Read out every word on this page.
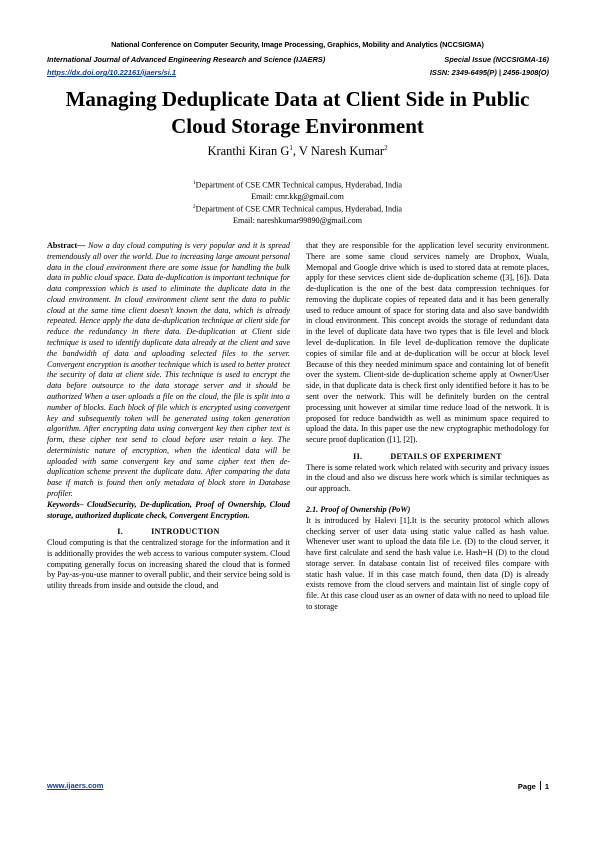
National Conference on Computer Security, Image Processing, Graphics, Mobility and Analytics (NCCSIGMA)
International Journal of Advanced Engineering Research and Science (IJAERS)	Special Issue (NCCSIGMA-16)
https://dx.doi.org/10.22161/ijaers/si.1	ISSN: 2349-6495(P) | 2456-1908(O)
Managing Deduplicate Data at Client Side in Public Cloud Storage Environment
Kranthi Kiran $G^1$, V Naresh Kumar$^2$
$^1$Department of CSE CMR Technical campus, Hyderabad, India
Email: cmr.kkg@gmail.com
$^2$Department of CSE CMR Technical campus, Hyderabad, India
Email: nareshkumar99890@gmail.com

Abstract— Now a day cloud computing is very popular and it is spread tremendously all over the world. Due to increasing large amount personal data in the cloud environment there are some issue for handling the bulk data in public cloud space. Data de-duplication is important technique for data compression which is used to eliminate the duplicate data in the cloud environment. In cloud environment client sent the data to public cloud at the same time client doesn't known the data, which is already repeated. Hence apply the data de-duplication technique at client side for reduce the redundancy in there data. De-duplication at Client side technique is used to identify duplicate data already at the client and save the bandwidth of data and uploading selected files to the server. Convergent encryption is another technique which is used to better protect the security of data at client side. This technique is used to encrypt the data before outsource to the data storage server and it should be authorized When a user uploads a file on the cloud, the file is split into a number of blocks. Each block of file which is encrypted using convergent key and subsequently token will be generated using token generation algorithm. After encrypting data using convergent key then cipher text is form, these cipher text send to cloud before user retain a key. The deterministic nature of encryption, when the identical data will be uploaded with same convergent key and same cipher text then de-duplication scheme prevent the duplicate data. After comparing the data base if match is found then only metadata of block store in Database profiler.

Keywords– CloudSecurity, De-duplication, Proof of Ownership, Cloud storage, authorized duplicate check, Convergent Encryption.

I.	INTRODUCTION

Cloud computing is that the centralized storage for the information and it is additionally provides the web access to various computer system. Cloud computing generally focus on increasing shared the cloud that is formed by Pay-as-you-use manner to overall public, and their service being sold is utility threads from inside and outside the cloud, and

that they are responsible for the application level security environment. There are some same cloud services namely are Dropbox, Wuala, Memopal and Google drive which is used to stored data at remote places, apply for these services client side de-duplication scheme ([3], [6]). Data de-duplication is the one of the best data compression techniques for removing the duplicate copies of repeated data and it has been generally used to reduce amount of space for storing data and also save bandwidth in cloud environment. This concept avoids the storage of redundant data in the level of duplicate data have two types that is file level and block level de-duplication. In file level de-duplication remove the duplicate copies of similar file and at de-duplication will be occur at block level Because of this they needed minimum space and containing lot of benefit over the system. Client-side de-duplication scheme apply at Owner/User side, in that duplicate data is check first only identified before it has to be sent over the network. This will be definitely burden on the central processing unit however at similar time reduce load of the network. It is proposed for reduce bandwidth as well as minimum space required to upload the data. In this paper use the new cryptographic methodology for secure proof duplication ([1], [2]).

II.	DETAILS OF EXPERIMENT

There is some related work which related with security and privacy issues in the cloud and also we discuss here work which is similar techniques as our approach.

2.1. Proof of Ownership (PoW)

It is introduced by Halevi [1].It is the security protocol which allows checking server of user data using static value called as hash value. Whenever user want to upload the data file i.e. (D) to the cloud server, it have first calculate and send the hash value i.e. Hash=H (D) to the cloud storage server. In database contain list of received files compare with static hash value. If in this case match found, then data (D) is already exists remove from the cloud servers and maintain list of single copy of file. At this case cloud user as an owner of data with no need to upload file to storage

www.ijaers.com	Page 1
